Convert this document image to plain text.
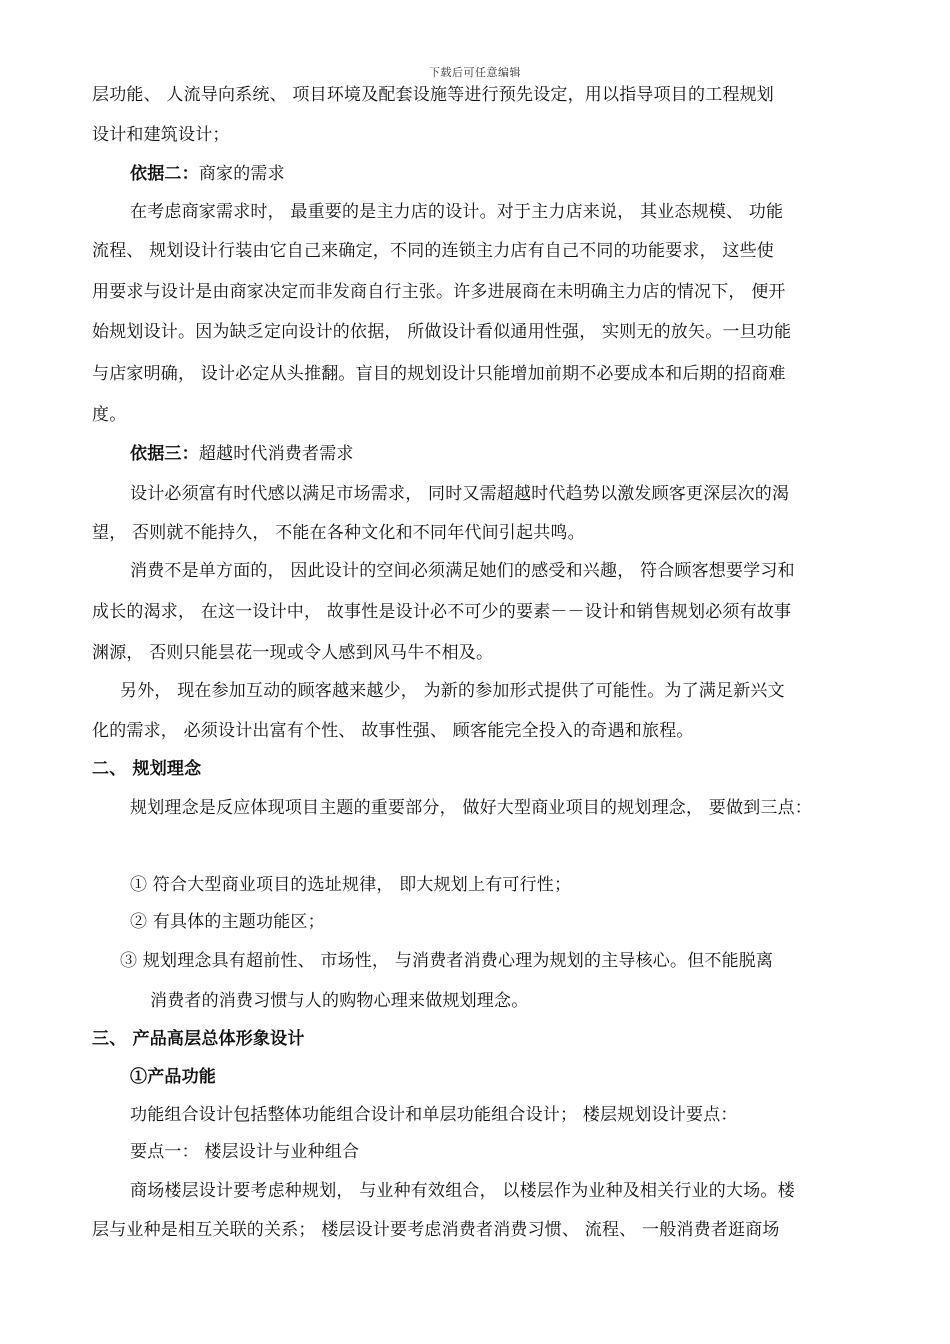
下载后可任意编辑
层功能、 人流导向系统、 项目环境及配套设施等进行预先设定，用以指导项目的工程规划
设计和建筑设计；
依据二：商家的需求
在考虑商家需求时， 最重要的是主力店的设计。对于主力店来说， 其业态规模、 功能
流程、 规划设计行装由它自己来确定，不同的连锁主力店有自己不同的功能要求， 这些使
用要求与设计是由商家决定而非发商自行主张。许多进展商在未明确主力店的情况下， 便开
始规划设计。因为缺乏定向设计的依据， 所做设计看似通用性强， 实则无的放矢。一旦功能
与店家明确， 设计必定从头推翻。盲目的规划设计只能增加前期不必要成本和后期的招商难
度。
依据三：超越时代消费者需求
设计必须富有时代感以满足市场需求， 同时又需超越时代趋势以激发顾客更深层次的渴
望， 否则就不能持久， 不能在各种文化和不同年代间引起共鸣。
消费不是单方面的， 因此设计的空间必须满足她们的感受和兴趣， 符合顾客想要学习和
成长的渴求， 在这一设计中， 故事性是设计必不可少的要素－－设计和销售规划必须有故事
渊源， 否则只能昙花一现或令人感到风马牛不相及。
另外， 现在参加互动的顾客越来越少， 为新的参加形式提供了可能性。为了满足新兴文
化的需求， 必须设计出富有个性、 故事性强、 顾客能完全投入的奇遇和旅程。
二、 规划理念
规划理念是反应体现项目主题的重要部分， 做好大型商业项目的规划理念， 要做到三点：
① 符合大型商业项目的选址规律， 即大规划上有可行性；
② 有具体的主题功能区；
③ 规划理念具有超前性、 市场性， 与消费者消费心理为规划的主导核心。但不能脱离
消费者的消费习惯与人的购物心理来做规划理念。
三、 产品高层总体形象设计
①产品功能
功能组合设计包括整体功能组合设计和单层功能组合设计； 楼层规划设计要点：
要点一： 楼层设计与业种组合
商场楼层设计要考虑种规划， 与业种有效组合， 以楼层作为业种及相关行业的大场。楼
层与业种是相互关联的关系； 楼层设计要考虑消费者消费习惯、 流程、 一般消费者逛商场
